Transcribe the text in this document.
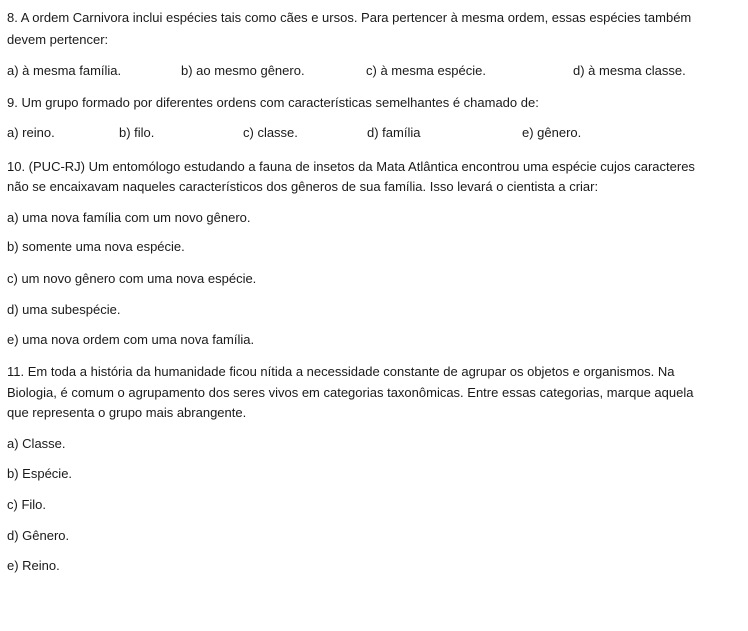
8. A ordem Carnivora inclui espécies tais como cães e ursos. Para pertencer à mesma ordem, essas espécies também
devem pertencer:
a) à mesma família.	b) ao mesmo gênero.	c) à mesma espécie.	d) à mesma classe.
9. Um grupo formado por diferentes ordens com características semelhantes é chamado de:
a) reino.	b) filo.	c) classe.	d) família	e) gênero.
10. (PUC-RJ) Um entomólogo estudando a fauna de insetos da Mata Atlântica encontrou uma espécie cujos caracteres
não se encaixavam naqueles característicos dos gêneros de sua família. Isso levará o cientista a criar:
a) uma nova família com um novo gênero.
b) somente uma nova espécie.
c) um novo gênero com uma nova espécie.
d) uma subespécie.
e) uma nova ordem com uma nova família.
11. Em toda a história da humanidade ficou nítida a necessidade constante de agrupar os objetos e organismos. Na
Biologia, é comum o agrupamento dos seres vivos em categorias taxonômicas. Entre essas categorias, marque aquela
que representa o grupo mais abrangente.
a) Classe.
b) Espécie.
c) Filo.
d) Gênero.
e) Reino.
